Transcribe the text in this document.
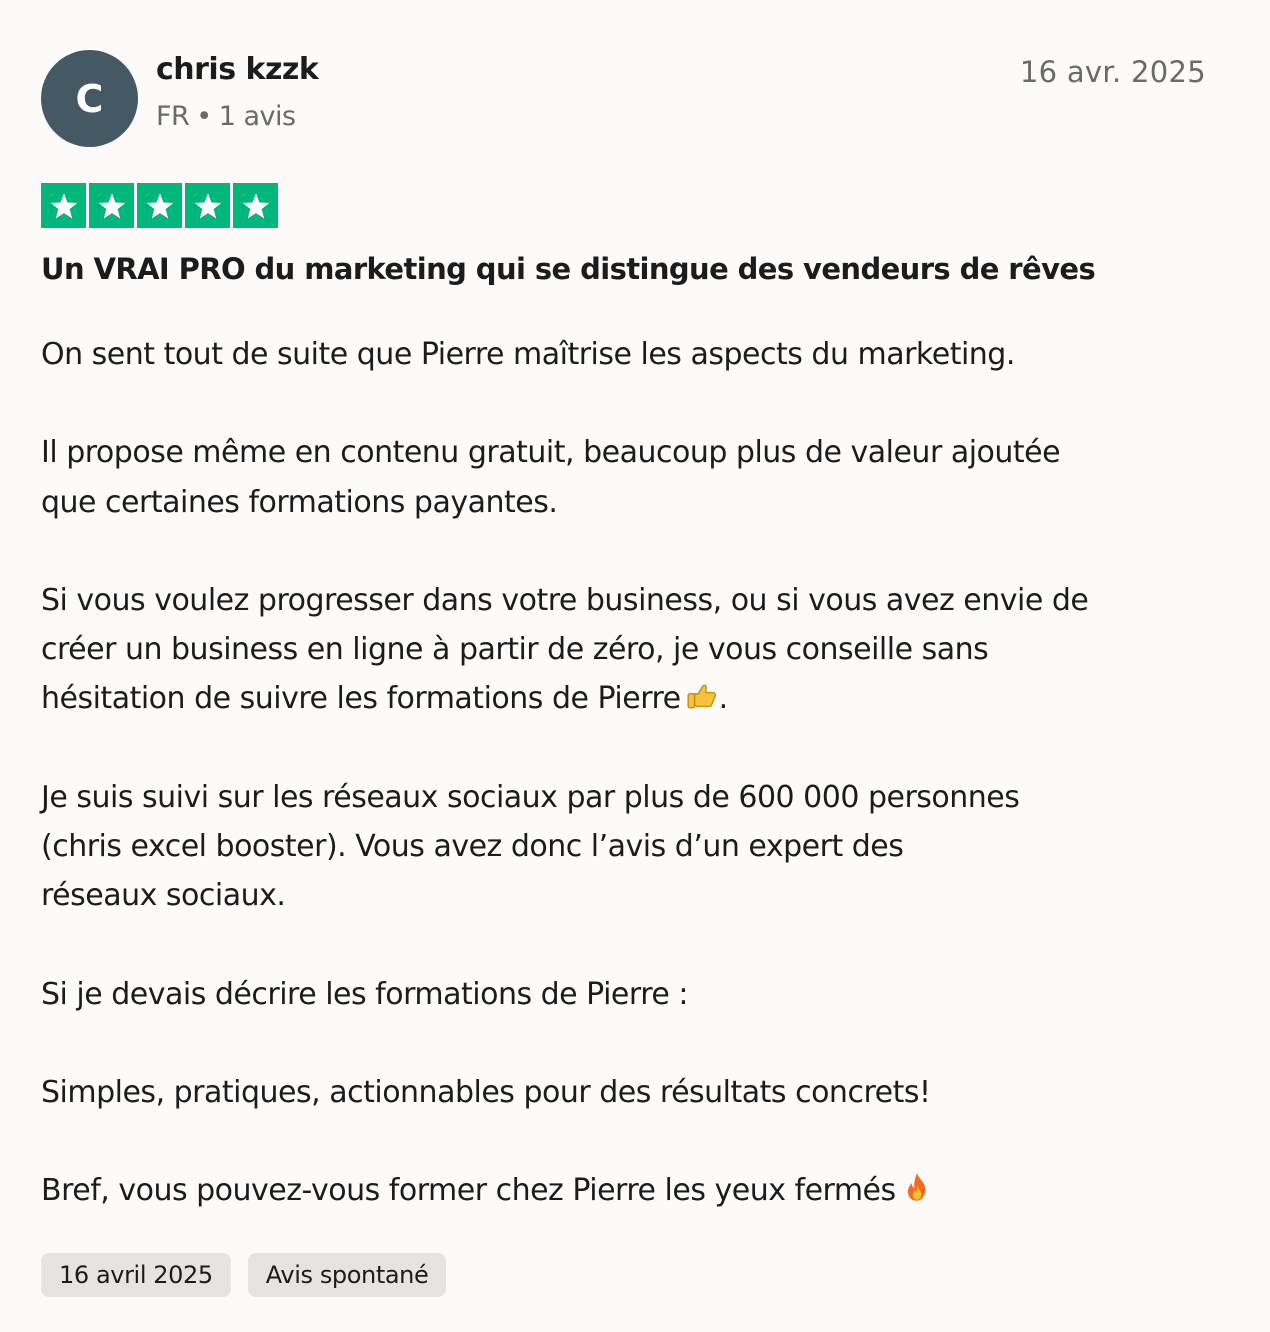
C
chris kzzk
FR • 1 avis
16 avr. 2025
Un VRAI PRO du marketing qui se distingue des vendeurs de rêves

On sent tout de suite que Pierre maîtrise les aspects du marketing.

Il propose même en contenu gratuit, beaucoup plus de valeur ajoutée
que certaines formations payantes.

Si vous voulez progresser dans votre business, ou si vous avez envie de
créer un business en ligne à partir de zéro, je vous conseille sans
hésitation de suivre les formations de Pierre .

Je suis suivi sur les réseaux sociaux par plus de 600 000 personnes
(chris excel booster). Vous avez donc l’avis d’un expert des
réseaux sociaux.

Si je devais décrire les formations de Pierre :

Simples, pratiques, actionnables pour des résultats concrets!

Bref, vous pouvez-vous former chez Pierre les yeux fermés

16 avril 2025	Avis spontané
